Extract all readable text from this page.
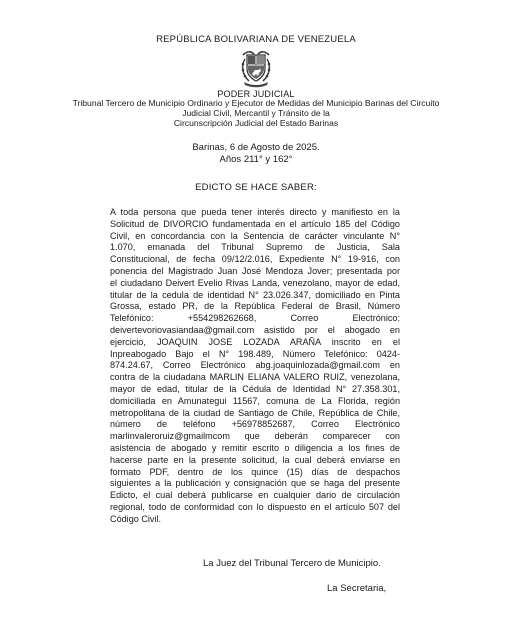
REPÚBLICA BOLIVARIANA DE VENEZUELA
PODER JUDICIAL
Tribunal Tercero de Municipio Ordinario y Ejecutor de Medidas del Municipio Barinas del Circuito
Judicial Civil, Mercantil y Tránsito de la
Circunscripción Judicial del Estado Barinas
Barinas, 6 de Agosto de 2025.
Años 211° y 162°
EDICTO SE HACE SABER:
A toda persona que pueda tener interés directo y manifiesto en la
Solicitud de DIVORCIO fundamentada en el artículo 185 del Código
Civil, en concordancia con la Sentencia de carácter vinculante N°
1.070, emanada del Tribunal Supremo de Justicia, Sala
Constitucional, de fecha 09/12/2.016, Expediente N° 19-916, con
ponencia del Magistrado Juan José Mendoza Jover; presentada por
el ciudadano Deivert Evelio Rivas Landa, venezolano, mayor de edad,
titular de la cedula de identidad N° 23.026.347, domiciliado en Pinta
Grossa, estado PR, de la República Federal de Brasil, Número
Telefónico: +554298262668, Correo Electrónico:
deivertevoriovasiandaa@gmail.com asistido por el abogado en
ejercicio, JOAQUIN JOSE LOZADA ARAÑA inscrito en el
Inpreabogado Bajo el N° 198.489, Número Telefónico: 0424-
874.24.67, Correo Electrónico abg.joaquinlozada@gmail.com en
contra de la ciudadana MARLIN ELIANA VALERO RUIZ, venezolana,
mayor de edad, titular de la Cédula de Identidad N° 27.358.301,
domiciliada en Amunategui 11567, comuna de La Florida, región
metropolitana de la ciudad de Santiago de Chile, República de Chile,
número de teléfono +56978852687, Correo Electrónico
marlinvaleroruiz@gmailmcom que deberán comparecer con
asistencia de abogado y remitir escrito o diligencia a los fines de
hacerse parte en la presente solicitud, la cual deberá enviarse en
formato PDF, dentro de los quince (15) días de despachos
siguientes a la publicación y consignación que se haga del presente
Edicto, el cual deberá publicarse en cualquier dario de circulación
regional, todo de conformidad con lo dispuesto en el artículo 507 del
Código Civil.
La Juez del Tribunal Tercero de Municipio.
La Secretaria,
